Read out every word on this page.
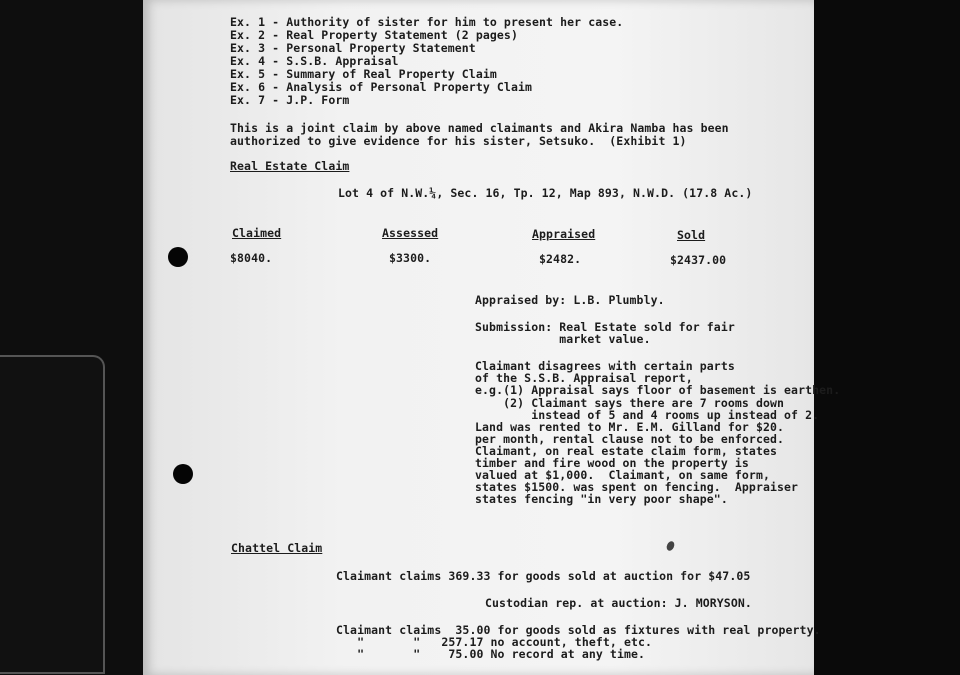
Ex. 1 - Authority of sister for him to present her case.
Ex. 2 - Real Property Statement (2 pages)
Ex. 3 - Personal Property Statement
Ex. 4 - S.S.B. Appraisal
Ex. 5 - Summary of Real Property Claim
Ex. 6 - Analysis of Personal Property Claim
Ex. 7 - J.P. Form
This is a joint claim by above named claimants and Akira Namba has been
authorized to give evidence for his sister, Setsuko.  (Exhibit 1)
Real Estate Claim
Lot 4 of N.W.¼, Sec. 16, Tp. 12, Map 893, N.W.D. (17.8 Ac.)
Claimed	Assessed	Appraised	Sold
$8040.	$3300.	$2482.	$2437.00
Appraised by: L.B. Plumbly.
Submission: Real Estate sold for fair
market value.
Claimant disagrees with certain parts
of the S.S.B. Appraisal report,
e.g.(1) Appraisal says floor of basement is earthen.
(2) Claimant says there are 7 rooms down
instead of 5 and 4 rooms up instead of 2.
Land was rented to Mr. E.M. Gilland for $20.
per month, rental clause not to be enforced.
Claimant, on real estate claim form, states
timber and fire wood on the property is
valued at $1,000.  Claimant, on same form,
states $1500. was spent on fencing.  Appraiser
states fencing "in very poor shape".
Chattel Claim
Claimant claims 369.33 for goods sold at auction for $47.05
Custodian rep. at auction: J. MORYSON.
Claimant claims  35.00 for goods sold as fixtures with real property.
"       "   257.17 no account, theft, etc.
"       "    75.00 No record at any time.
